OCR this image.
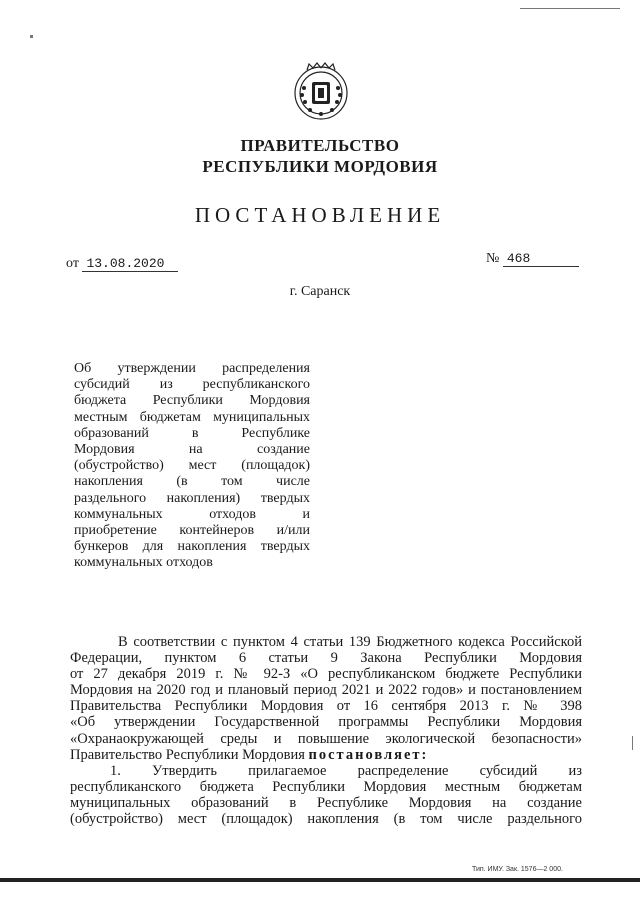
ПРАВИТЕЛЬСТВО
РЕСПУБЛИКИ МОРДОВИЯ
ПОСТАНОВЛЕНИЕ
от 13.08.2020	№ 468
г. Саранск
Об утверждении распределения
субсидий из республиканского
бюджета Республики Мордовия
местным бюджетам муниципальных
образований в Республике
Мордовия на создание
(обустройство) мест (площадок)
накопления (в том числе
раздельного накопления) твердых
коммунальных отходов и
приобретение контейнеров и/или
бункеров для накопления твердых
коммунальных отходов
В соответствии с пунктом 4 статьи 139 Бюджетного кодекса Российской
Федерации, пунктом 6 статьи 9 Закона Республики Мордовия
от 27 декабря 2019 г. № 92-З «О республиканском бюджете Республики
Мордовия на 2020 год и плановый период 2021 и 2022 годов» и постановлением
Правительства Республики Мордовия от 16 сентября 2013 г. № 398
«Об утверждении Государственной программы Республики Мордовия
«Охранаокружающей среды и повышение экологической безопасности»
Правительство Республики Мордовия постановляет:
1. Утвердить прилагаемое распределение субсидий из
республиканского бюджета Республики Мордовия местным бюджетам
муниципальных образований в Республике Мордовия на создание
(обустройство) мест (площадок) накопления (в том числе раздельного
Тип. ИМУ. Зак. 1576—2 000.
